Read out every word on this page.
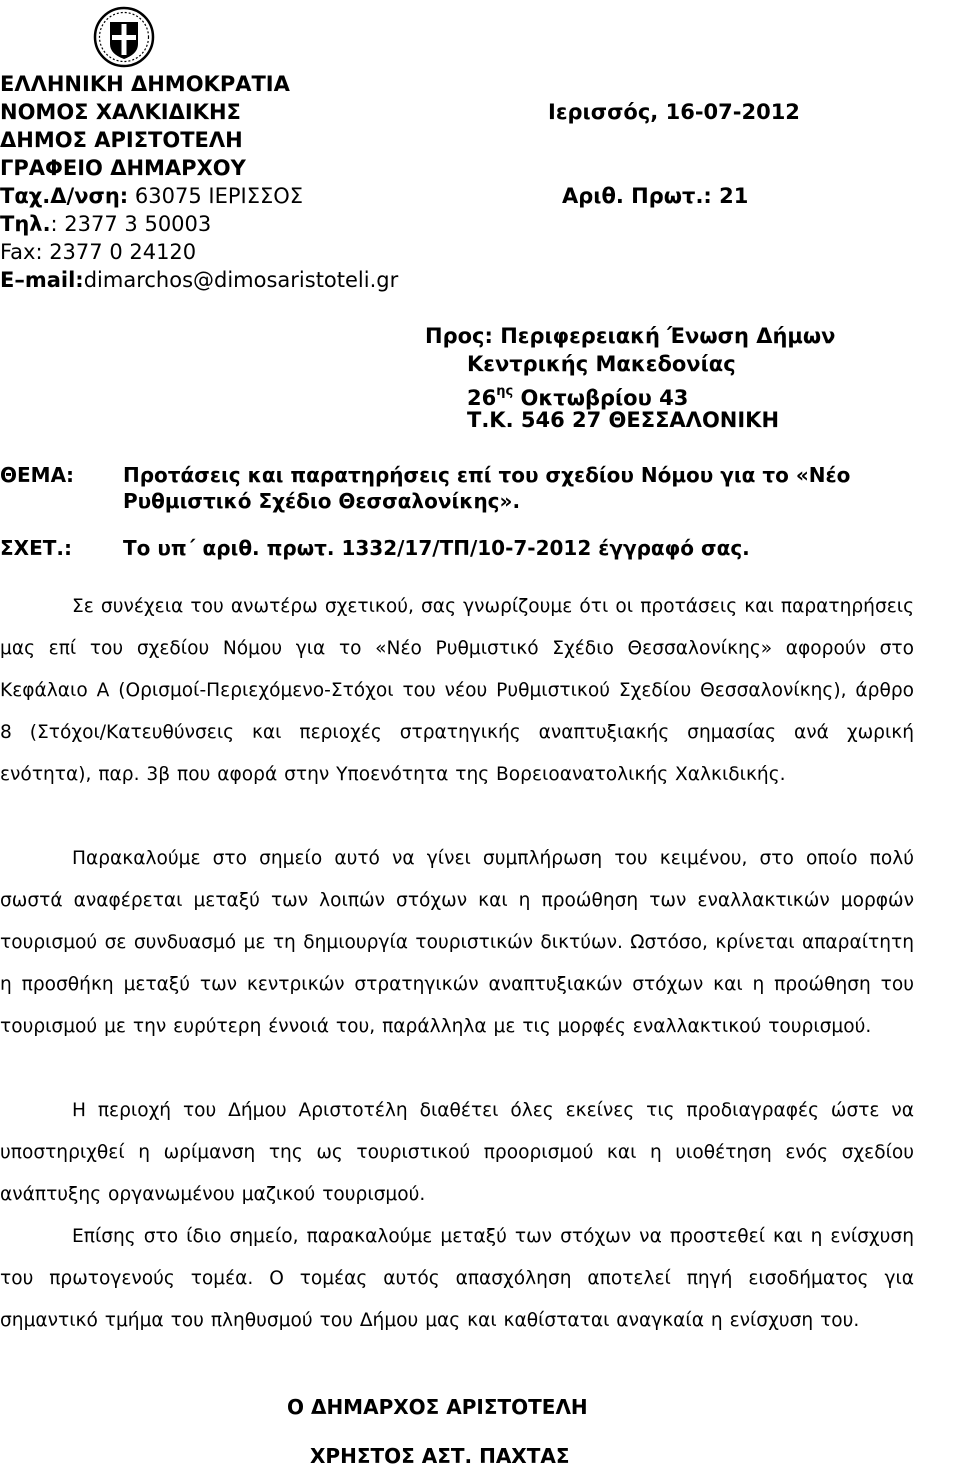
ΕΛΛΗΝΙΚΗ ΔΗΜΟΚΡΑΤΙΑ
ΝΟΜΟΣ ΧΑΛΚΙΔΙΚΗΣ
ΔΗΜΟΣ ΑΡΙΣΤΟΤΕΛΗ
ΓΡΑΦΕΙΟ ΔΗΜΑΡΧΟΥ
Ταχ.Δ/νση: 63075 ΙΕΡΙΣΣΟΣ
Τηλ.: 2377 3 50003
Fax: 2377 0 24120
E–mail:dimarchos@dimosaristoteli.gr
Ιερισσός, 16-07-2012
Αριθ. Πρωτ.: 21
Προς: Περιφερειακή Ένωση Δήμων
Κεντρικής Μακεδονίας
$26^{\eta\varsigma}$ Οκτωβρίου 43
Τ.Κ. 546 27 ΘΕΣΣΑΛΟΝΙΚΗ
ΘΕΜΑ: Προτάσεις και παρατηρήσεις επί του σχεδίου Νόμου για το «Νέο
Ρυθμιστικό Σχέδιο Θεσσαλονίκης».
ΣΧΕΤ.:	Το υπ΄ αριθ. πρωτ. 1332/17/ΤΠ/10-7-2012 έγγραφό σας.
Σε συνέχεια του ανωτέρω σχετικού, σας γνωρίζουμε ότι οι προτάσεις και παρατηρήσεις μας επί του σχεδίου Νόμου για το «Νέο Ρυθμιστικό Σχέδιο Θεσσαλονίκης» αφορούν στο Κεφάλαιο Α (Ορισμοί-Περιεχόμενο-Στόχοι του νέου Ρυθμιστικού Σχεδίου Θεσσαλονίκης), άρθρο 8 (Στόχοι/Κατευθύνσεις και περιοχές στρατηγικής αναπτυξιακής σημασίας ανά χωρική ενότητα), παρ. 3β που αφορά στην Υποενότητα της Βορειοανατολικής Χαλκιδικής.
Παρακαλούμε στο σημείο αυτό να γίνει συμπλήρωση του κειμένου, στο οποίο πολύ σωστά αναφέρεται μεταξύ των λοιπών στόχων και η προώθηση των εναλλακτικών μορφών τουρισμού σε συνδυασμό με τη δημιουργία τουριστικών δικτύων. Ωστόσο, κρίνεται απαραίτητη η προσθήκη μεταξύ των κεντρικών στρατηγικών αναπτυξιακών στόχων και η προώθηση του τουρισμού με την ευρύτερη έννοιά του, παράλληλα με τις μορφές εναλλακτικού τουρισμού.
Η περιοχή του Δήμου Αριστοτέλη διαθέτει όλες εκείνες τις προδιαγραφές ώστε να υποστηριχθεί η ωρίμανση της ως τουριστικού προορισμού και η υιοθέτηση ενός σχεδίου ανάπτυξης οργανωμένου μαζικού τουρισμού.
Επίσης στο ίδιο σημείο, παρακαλούμε μεταξύ των στόχων να προστεθεί και η ενίσχυση του πρωτογενούς τομέα. Ο τομέας αυτός απασχόληση αποτελεί πηγή εισοδήματος για σημαντικό τμήμα του πληθυσμού του Δήμου μας και καθίσταται αναγκαία η ενίσχυση του.
Ο ΔΗΜΑΡΧΟΣ ΑΡΙΣΤΟΤΕΛΗ
ΧΡΗΣΤΟΣ ΑΣΤ. ΠΑΧΤΑΣ
